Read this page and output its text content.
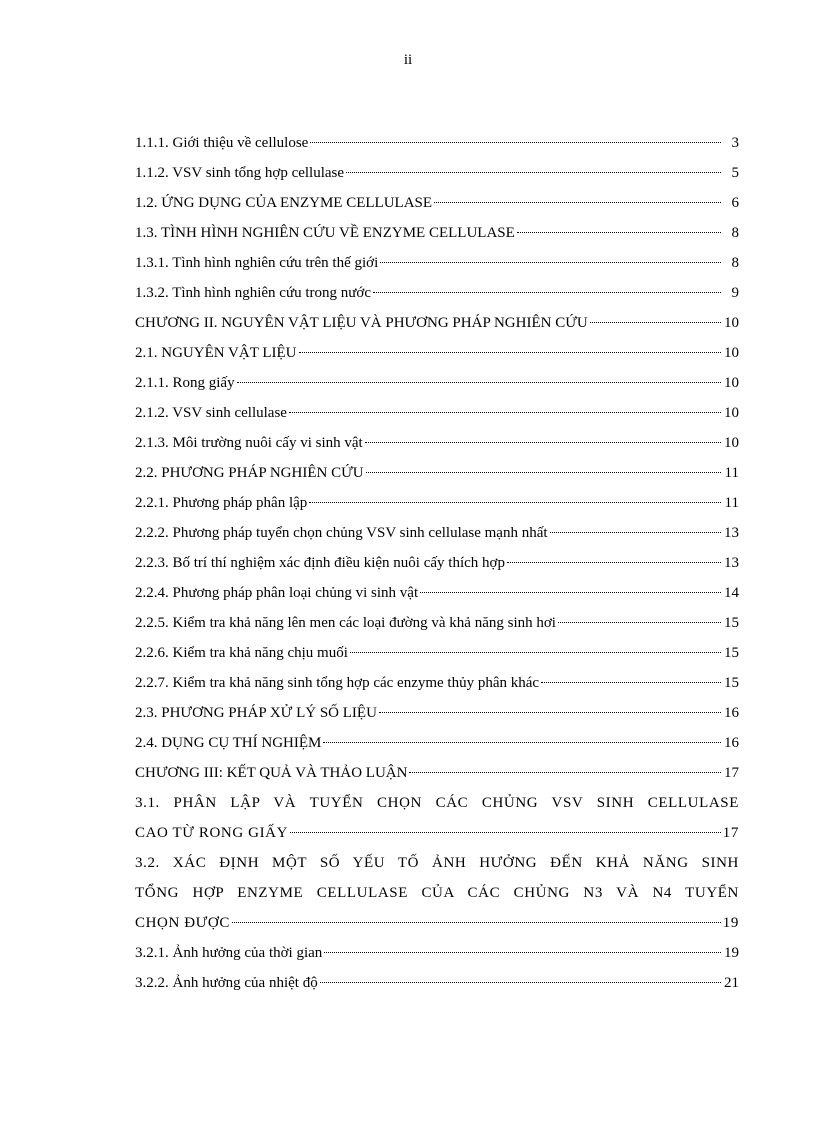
ii
1.1.1. Giới thiệu về cellulose	3
1.1.2. VSV sinh tổng hợp cellulase	5
1.2. ỨNG DỤNG CỦA ENZYME CELLULASE	6
1.3. TÌNH HÌNH NGHIÊN CỨU VỀ ENZYME CELLULASE	8
1.3.1. Tình hình nghiên cứu trên thế giới	8
1.3.2. Tình hình nghiên cứu trong nước	9
CHƯƠNG II. NGUYÊN VẬT LIỆU VÀ PHƯƠNG PHÁP NGHIÊN CỨU	10
2.1. NGUYÊN VẬT LIỆU	10
2.1.1. Rong giấy	10
2.1.2. VSV sinh cellulase	10
2.1.3. Môi trường nuôi cấy vi sinh vật	10
2.2. PHƯƠNG PHÁP NGHIÊN CỨU	11
2.2.1. Phương pháp phân lập	11
2.2.2. Phương pháp tuyển chọn chủng VSV sinh cellulase mạnh nhất	13
2.2.3. Bố trí thí nghiệm xác định điều kiện nuôi cấy thích hợp	13
2.2.4. Phương pháp phân loại chủng vi sinh vật	14
2.2.5. Kiểm tra khả năng lên men các loại đường và khả năng sinh hơi	15
2.2.6. Kiểm tra khả năng chịu muối	15
2.2.7. Kiểm tra khả năng sinh tổng hợp các enzyme thủy phân khác	15
2.3. PHƯƠNG PHÁP XỬ LÝ SỐ LIỆU	16
2.4. DỤNG CỤ THÍ NGHIỆM	16
CHƯƠNG III: KẾT QUẢ VÀ THẢO LUẬN	17
3.1. PHÂN LẬP VÀ TUYỂN CHỌN CÁC CHỦNG VSV SINH CELLULASE
CAO TỪ RONG GIẤY	17
3.2. XÁC ĐỊNH MỘT SỐ YẾU TỐ ẢNH HƯỞNG ĐẾN KHẢ NĂNG SINH
TỔNG HỢP ENZYME CELLULASE CỦA CÁC CHỦNG N3 VÀ N4 TUYỂN
CHỌN ĐƯỢC	19
3.2.1. Ảnh hưởng của thời gian	19
3.2.2. Ảnh hưởng của nhiệt độ	21
